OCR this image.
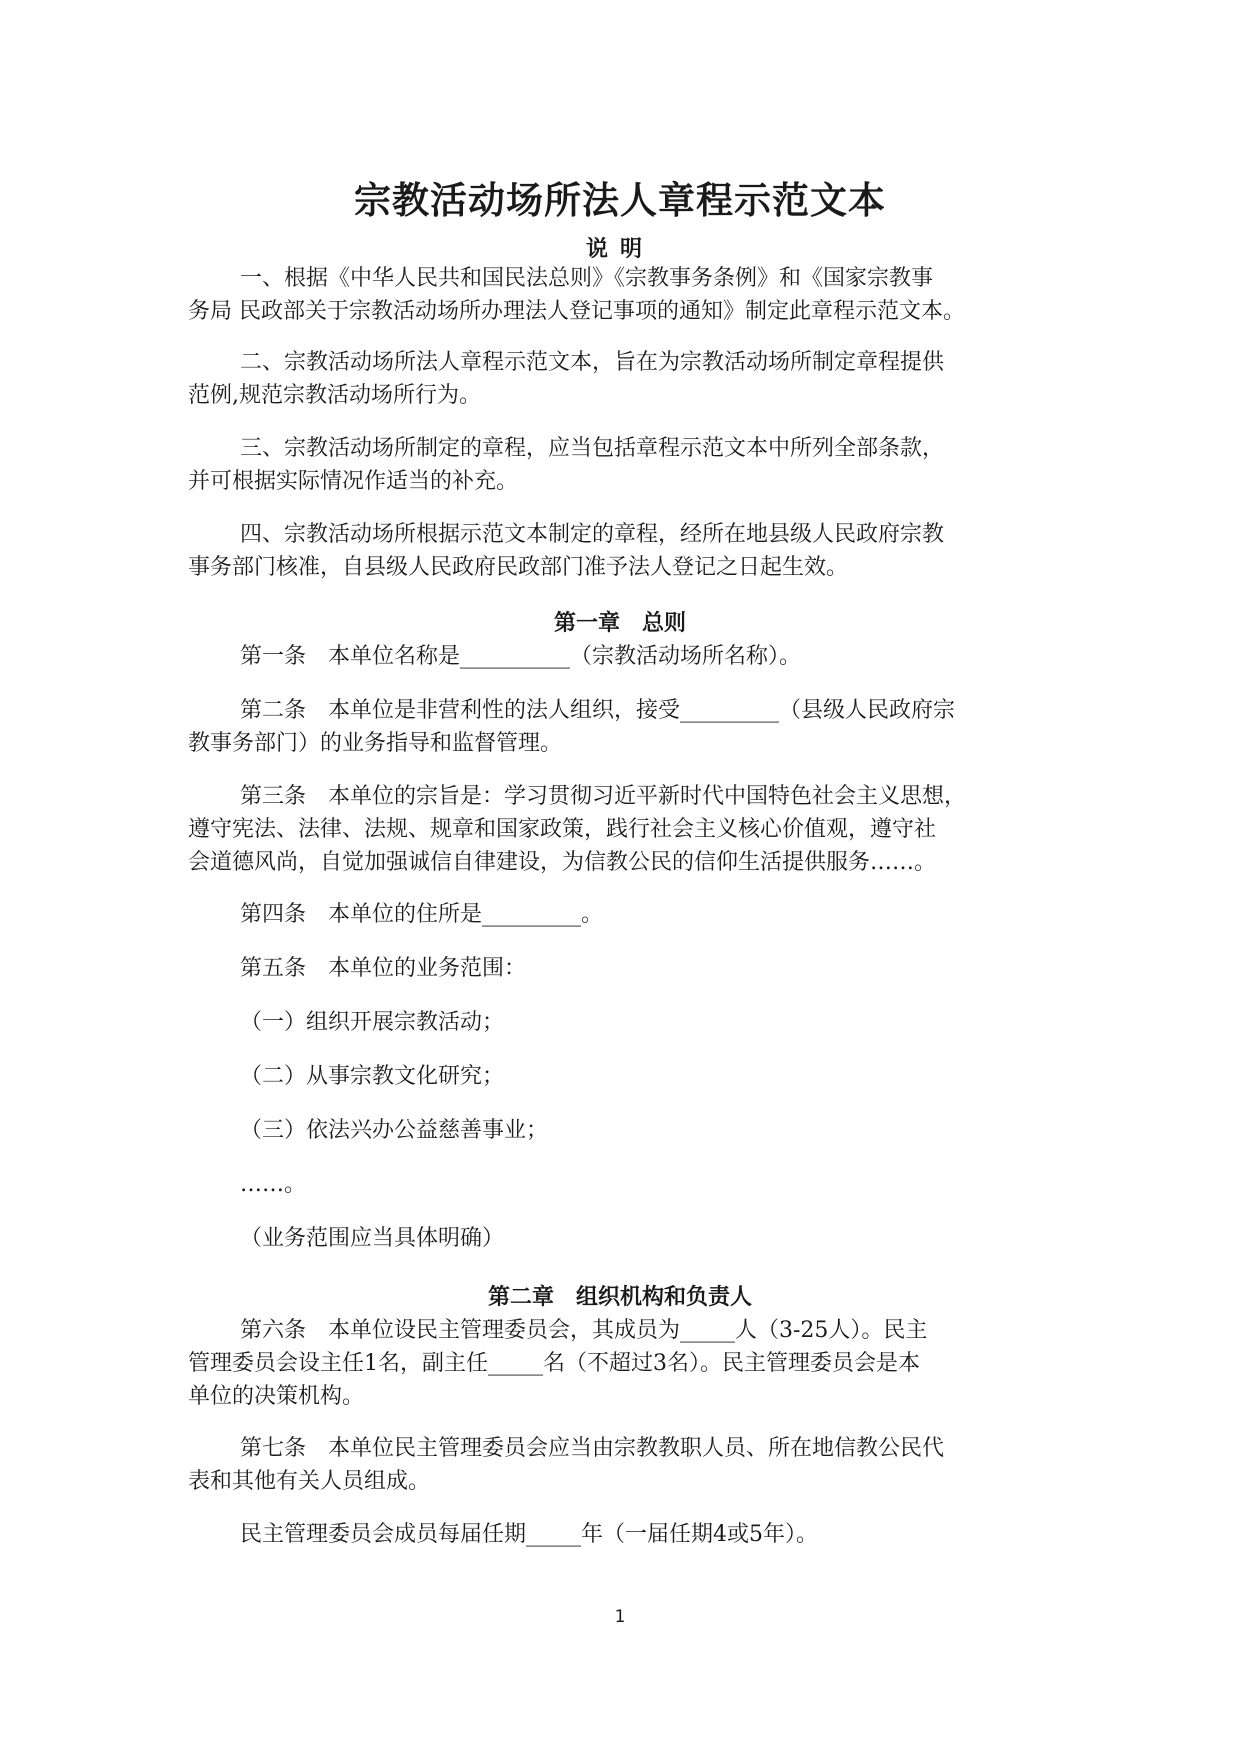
宗教活动场所法人章程示范文本
说明

一、根据《中华人民共和国民法总则》《宗教事务条例》和《国家宗教事
务局 民政部关于宗教活动场所办理法人登记事项的通知》制定此章程示范文本。

二、宗教活动场所法人章程示范文本，旨在为宗教活动场所制定章程提供
范例,规范宗教活动场所行为。

三、宗教活动场所制定的章程，应当包括章程示范文本中所列全部条款，
并可根据实际情况作适当的补充。

四、宗教活动场所根据示范文本制定的章程，经所在地县级人民政府宗教
事务部门核准，自县级人民政府民政部门准予法人登记之日起生效。

第一章　总则

第一条　本单位名称是__________（宗教活动场所名称）。

第二条　本单位是非营利性的法人组织，接受_________（县级人民政府宗
教事务部门）的业务指导和监督管理。

第三条　本单位的宗旨是：学习贯彻习近平新时代中国特色社会主义思想，
遵守宪法、法律、法规、规章和国家政策，践行社会主义核心价值观，遵守社
会道德风尚，自觉加强诚信自律建设，为信教公民的信仰生活提供服务……。

第四条　本单位的住所是_________。

第五条　本单位的业务范围：

（一）组织开展宗教活动；

（二）从事宗教文化研究；

（三）依法兴办公益慈善事业；

……。

（业务范围应当具体明确）

第二章　组织机构和负责人

第六条　本单位设民主管理委员会，其成员为_____人（3-25人）。民主
管理委员会设主任1名，副主任_____名（不超过3名）。民主管理委员会是本
单位的决策机构。

第七条　本单位民主管理委员会应当由宗教教职人员、所在地信教公民代
表和其他有关人员组成。

民主管理委员会成员每届任期_____年（一届任期4或5年）。

1
